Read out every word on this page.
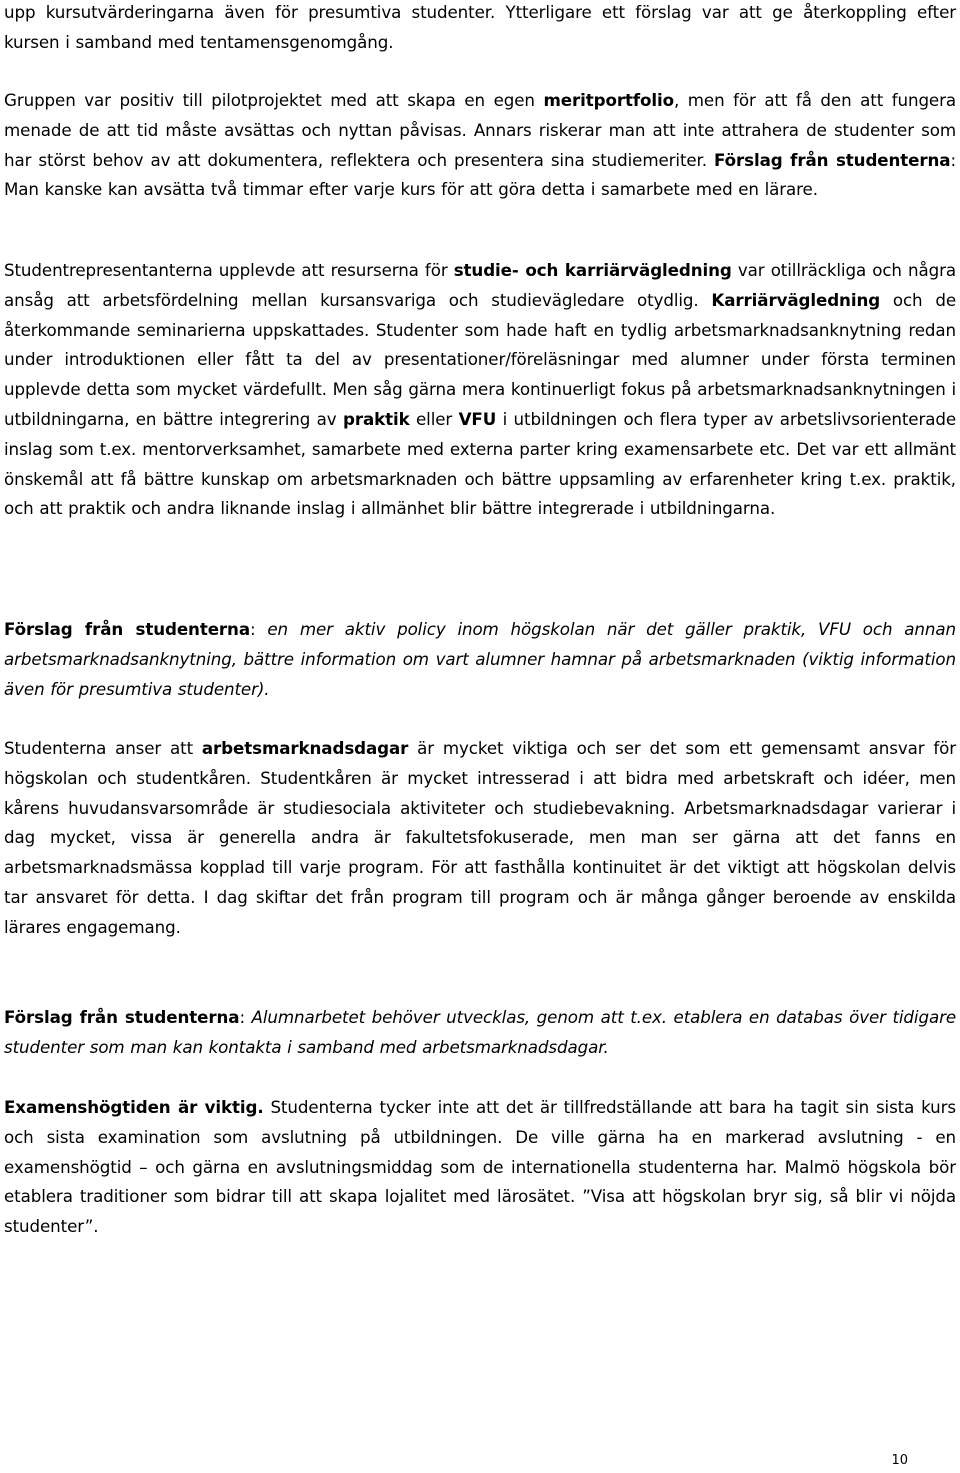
upp kursutvärderingarna även för presumtiva studenter. Ytterligare ett förslag var att ge återkoppling efter kursen i samband med tentamensgenomgång.

Gruppen var positiv till pilotprojektet med att skapa en egen meritportfolio, men för att få den att fungera menade de att tid måste avsättas och nyttan påvisas. Annars riskerar man att inte attrahera de studenter som har störst behov av att dokumentera, reflektera och presentera sina studiemeriter. Förslag från studenterna: Man kanske kan avsätta två timmar efter varje kurs för att göra detta i samarbete med en lärare.

Studentrepresentanterna upplevde att resurserna för studie- och karriärvägledning var otillräckliga och några ansåg att arbetsfördelning mellan kursansvariga och studievägledare otydlig. Karriärvägledning och de återkommande seminarierna uppskattades. Studenter som hade haft en tydlig arbetsmarknadsanknytning redan under introduktionen eller fått ta del av presentationer/föreläsningar med alumner under första terminen upplevde detta som mycket värdefullt. Men såg gärna mera kontinuerligt fokus på arbetsmarknadsanknytningen i utbildningarna, en bättre integrering av praktik eller VFU i utbildningen och flera typer av arbetslivsorienterade inslag som t.ex. mentorverksamhet, samarbete med externa parter kring examensarbete etc. Det var ett allmänt önskemål att få bättre kunskap om arbetsmarknaden och bättre uppsamling av erfarenheter kring t.ex. praktik, och att praktik och andra liknande inslag i allmänhet blir bättre integrerade i utbildningarna.

Förslag från studenterna: en mer aktiv policy inom högskolan när det gäller praktik, VFU och annan arbetsmarknadsanknytning, bättre information om vart alumner hamnar på arbetsmarknaden (viktig information även för presumtiva studenter).

Studenterna anser att arbetsmarknadsdagar är mycket viktiga och ser det som ett gemensamt ansvar för högskolan och studentkåren. Studentkåren är mycket intresserad i att bidra med arbetskraft och idéer, men kårens huvudansvarsområde är studiesociala aktiviteter och studiebevakning. Arbetsmarknadsdagar varierar i dag mycket, vissa är generella andra är fakultetsfokuserade, men man ser gärna att det fanns en arbetsmarknadsmässa kopplad till varje program. För att fasthålla kontinuitet är det viktigt att högskolan delvis tar ansvaret för detta. I dag skiftar det från program till program och är många gånger beroende av enskilda lärares engagemang.

Förslag från studenterna: Alumnarbetet behöver utvecklas, genom att t.ex. etablera en databas över tidigare studenter som man kan kontakta i samband med arbetsmarknadsdagar.

Examenshögtiden är viktig. Studenterna tycker inte att det är tillfredställande att bara ha tagit sin sista kurs och sista examination som avslutning på utbildningen. De ville gärna ha en markerad avslutning - en examenshögtid – och gärna en avslutningsmiddag som de internationella studenterna har. Malmö högskola bör etablera traditioner som bidrar till att skapa lojalitet med lärosätet. ”Visa att högskolan bryr sig, så blir vi nöjda studenter”.

10
